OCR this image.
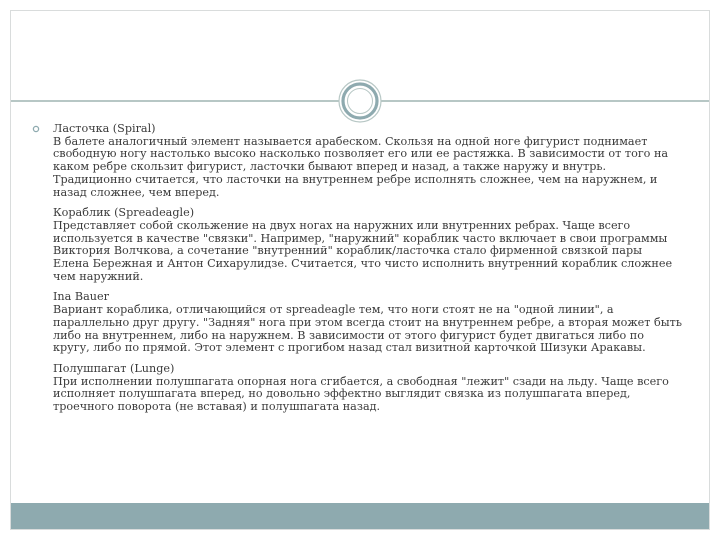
Ласточка (Spiral)
В балете аналогичный элемент называется арабеском. Скользя на одной ноге фигурист поднимает
свободную ногу настолько высоко насколько позволяет его или ее растяжка. В зависимости от того на
каком ребре скользит фигурист, ласточки бывают вперед и назад, а также наружу и внутрь.
Традиционно считается, что ласточки на внутреннем ребре исполнять сложнее, чем на наружнем, и
назад сложнее, чем вперед.
Кораблик (Spreadeagle)
Представляет собой скольжение на двух ногах на наружних или внутренних ребрах. Чаще всего
используется в качестве "связки". Например, "наружний" кораблик часто включает в свои программы
Виктория Волчкова, а сочетание "внутренний" кораблик/ласточка стало фирменной связкой пары
Елена Бережная и Антон Сихарулидзе. Считается, что чисто исполнить внутренний кораблик сложнее
чем наружний.
Ina Bauer
Вариант кораблика, отличающийся от spreadeagle тем, что ноги стоят не на "одной линии", а
параллельно друг другу. "Задняя" нога при этом всегда стоит на внутреннем ребре, а вторая может быть
либо на внутреннем, либо на наружнем. В зависимости от этого фигурист будет двигаться либо по
кругу, либо по прямой. Этот элемент с прогибом назад стал визитной карточкой Шизуки Аракавы.
Полушпагат (Lunge)
При исполнении полушпагата опорная нога сгибается, а свободная "лежит" сзади на льду. Чаще всего
исполняет полушпагата вперед, но довольно эффектно выглядит связка из полушпагата вперед,
троечного поворота (не вставая) и полушпагата назад.
